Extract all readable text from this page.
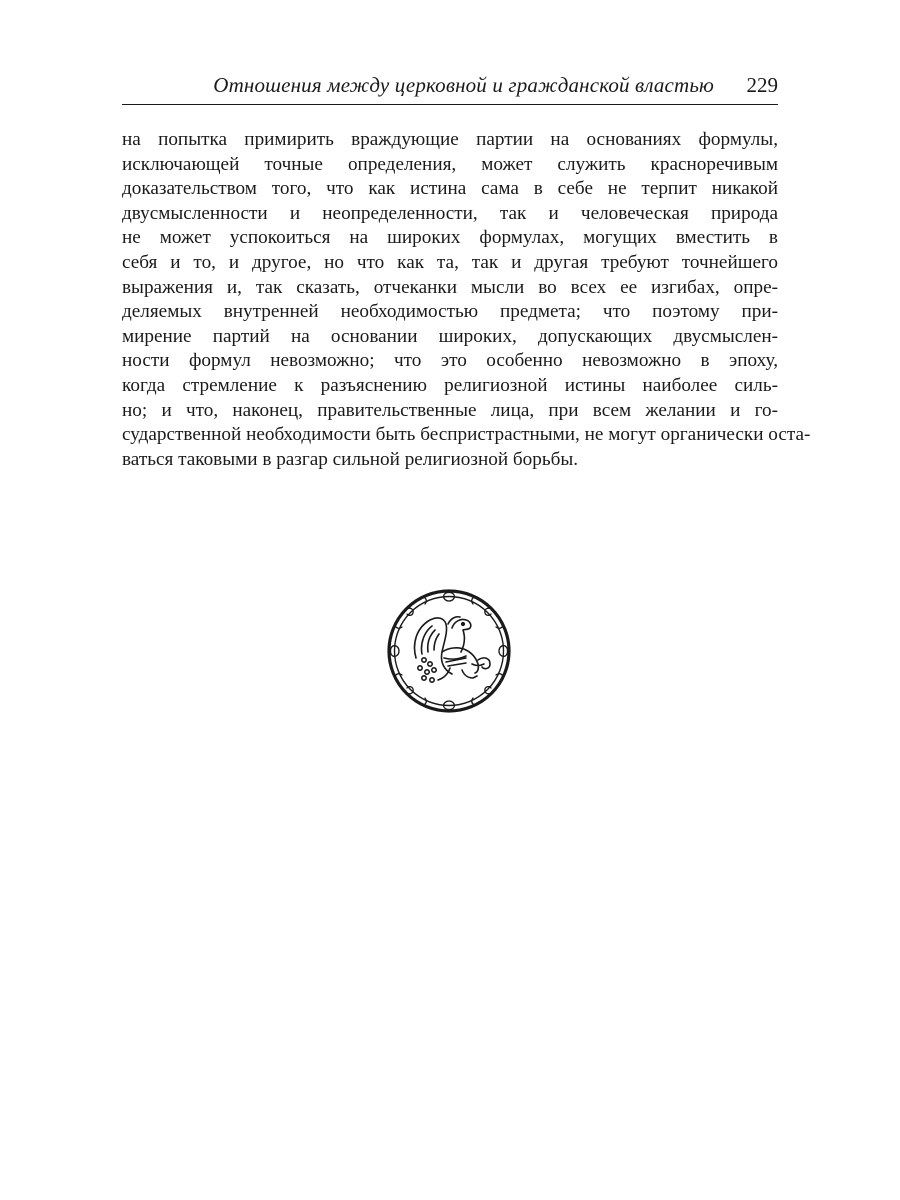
Отношения между церковной и гражданской властью 229

на попытка примирить враждующие партии на основаниях формулы,
исключающей точные определения, может служить красноречивым
доказательством того, что как истина сама в себе не терпит никакой
двусмысленности и неопределенности, так и человеческая природа
не может успокоиться на широких формулах, могущих вместить в
себя и то, и другое, но что как та, так и другая требуют точнейшего
выражения и, так сказать, отчеканки мысли во всех ее изгибах, опре-
деляемых внутренней необходимостью предмета; что поэтому при-
мирение партий на основании широких, допускающих двусмыслен-
ности формул невозможно; что это особенно невозможно в эпоху,
когда стремление к разъяснению религиозной истины наиболее силь-
но; и что, наконец, правительственные лица, при всем желании и го-
сударственной необходимости быть беспристрастными, не могут органически оста-
ваться таковыми в разгар сильной религиозной борьбы.
